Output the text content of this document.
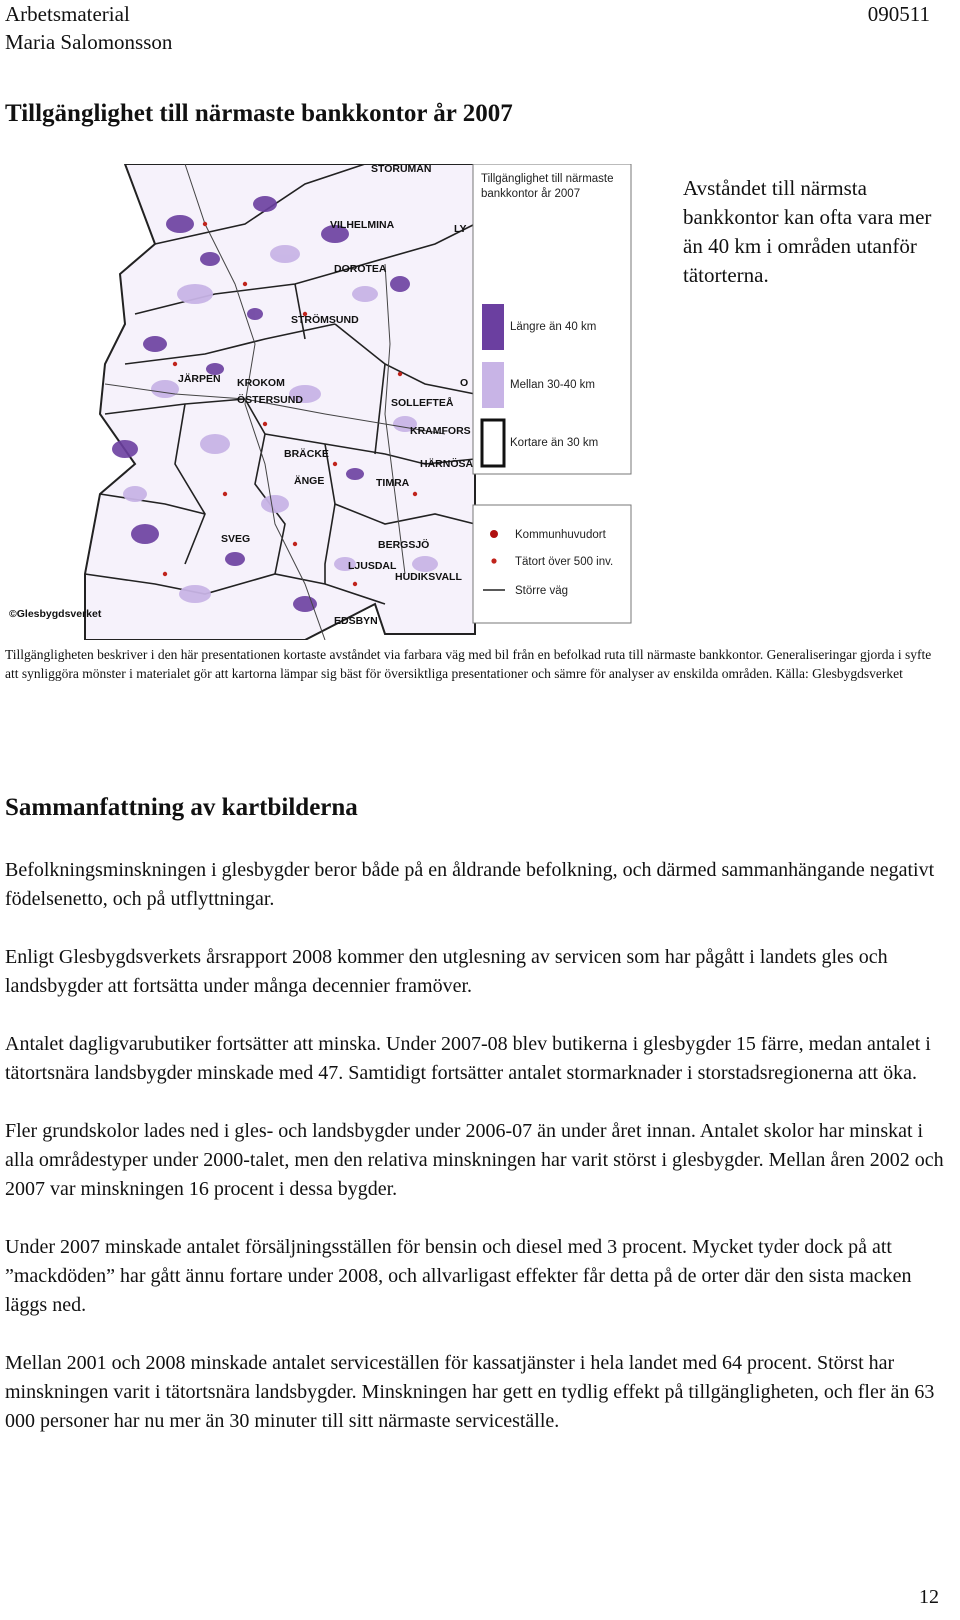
Arbetsmaterial
Maria Salomonsson
090511
Tillgänglighet till närmaste bankkontor år 2007
STORUMAN
VILHELMINA	LY
DOROTEA
STRÖMSUND
JÄRPEN KROKOM
ÖSTERSUND
O
SOLLEFTEÅ
KRAMFORS
BRÄCKE
HÄRNÖSA
ÄNGE	TIMRA
SVEG	BERGSJÖ
LJUSDAL
HUDIKSVALL
EDSBYN
©Glesbygdsverket
Tillgänglighet till närmaste
bankkontor år 2007
Längre än 40 km
Mellan 30-40 km
Kortare än 30 km
Kommunhuvudort
Tätort över 500 inv.
Större väg
Avståndet till närmsta bankkontor kan ofta vara mer än 40 km i områden utanför tätorterna.
Tillgängligheten beskriver i den här presentationen kortaste avståndet via farbara väg med bil från en befolkad ruta till närmaste bankkontor. Generaliseringar gjorda i syfte att synliggöra mönster i materialet gör att kartorna lämpar sig bäst för översiktliga presentationer och sämre för analyser av enskilda områden. Källa: Glesbygdsverket
Sammanfattning av kartbilderna

Befolkningsminskningen i glesbygder beror både på en åldrande befolkning, och därmed sammanhängande negativt födelsenetto, och på utflyttningar.

Enligt Glesbygdsverkets årsrapport 2008 kommer den utglesning av servicen som har pågått i landets gles och landsbygder att fortsätta under många decennier framöver.

Antalet dagligvarubutiker fortsätter att minska. Under 2007-08 blev butikerna i glesbygder 15 färre, medan antalet i tätortsnära landsbygder minskade med 47. Samtidigt fortsätter antalet stormarknader i storstadsregionerna att öka.

Fler grundskolor lades ned i gles- och landsbygder under 2006-07 än under året innan. Antalet skolor har minskat i alla områdestyper under 2000-talet, men den relativa minskningen har varit störst i glesbygder. Mellan åren 2002 och 2007 var minskningen 16 procent i dessa bygder.

Under 2007 minskade antalet försäljningsställen för bensin och diesel med 3 procent. Mycket tyder dock på att ”mackdöden” har gått ännu fortare under 2008, och allvarligast effekter får detta på de orter där den sista macken läggs ned.

Mellan 2001 och 2008 minskade antalet serviceställen för kassatjänster i hela landet med 64 procent. Störst har minskningen varit i tätortsnära landsbygder. Minskningen har gett en tydlig effekt på tillgängligheten, och fler än 63 000 personer har nu mer än 30 minuter till sitt närmaste serviceställe.

12
